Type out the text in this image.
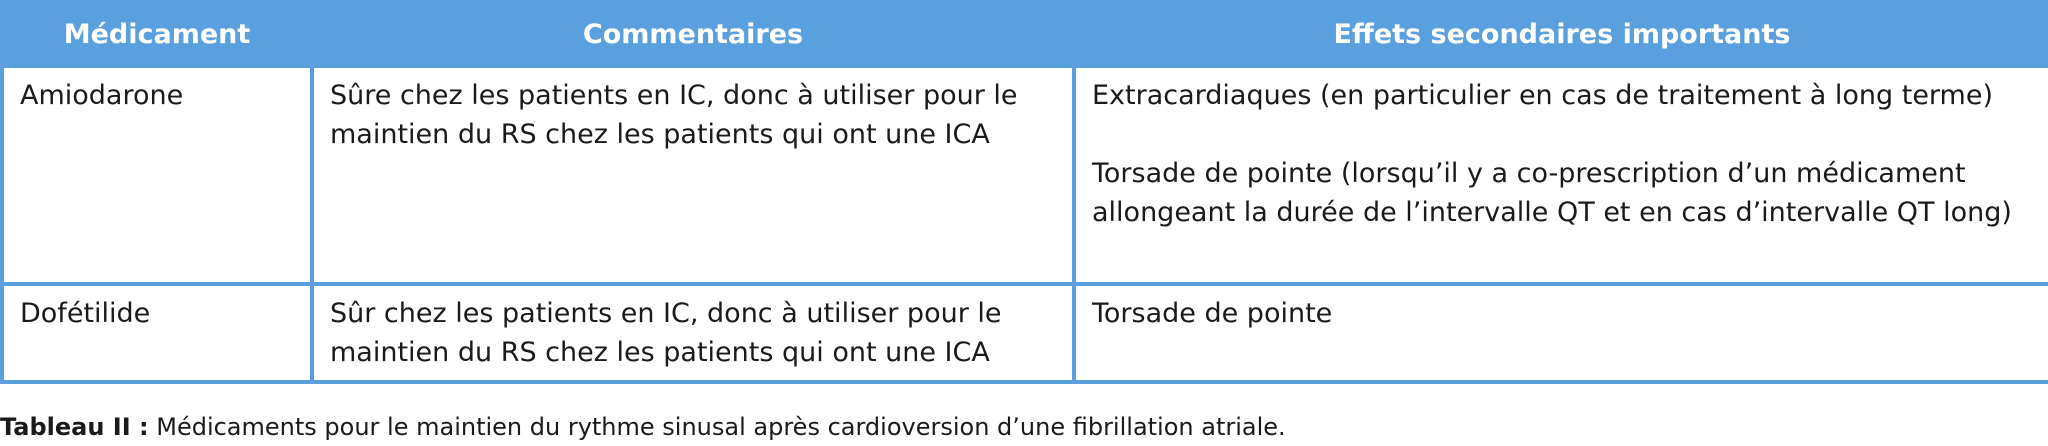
Médicament	Commentaires	Effets secondaires importants
Amiodarone	Sûre chez les patients en IC, donc à utiliser pour le maintien du RS chez les patients qui ont une ICA	Extracardiaques (en particulier en cas de traitement à long terme)

Torsade de pointe (lorsqu’il y a co-prescription d’un médicament allongeant la durée de l’intervalle QT et en cas d’intervalle QT long)

Dofétilide	Sûr chez les patients en IC, donc à utiliser pour le maintien du RS chez les patients qui ont une ICA	Torsade de pointe

Tableau II : Médicaments pour le maintien du rythme sinusal après cardioversion d’une fibrillation atriale.
